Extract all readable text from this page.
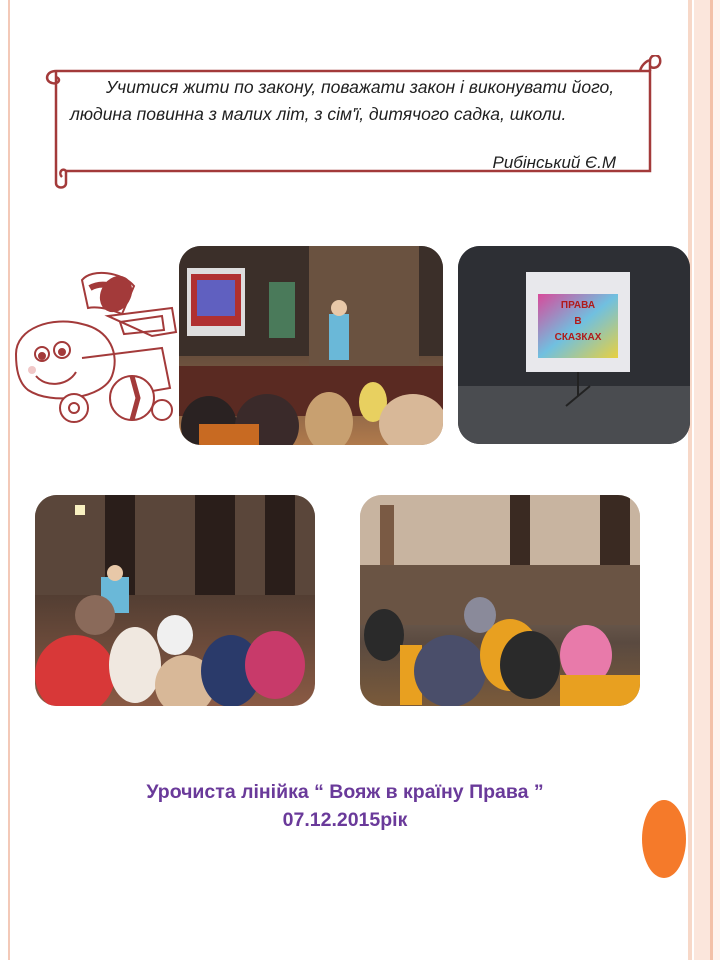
Учитися жити по закону, поважати закон і виконувати його, людина повинна з малих літ, з сім'ї, дитячого садка, школи.
Рибінський Є.М
ПРАВА
В
СКАЗКАХ
Урочиста лінійка “ Вояж в країну Права ”
07.12.2015рік
